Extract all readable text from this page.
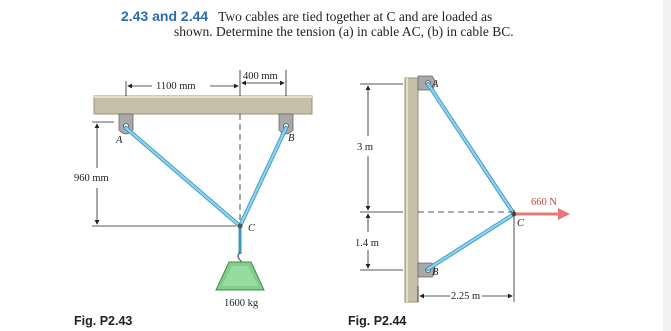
2.43 and 2.44 Two cables are tied together at C and are loaded as
shown. Determine the tension (a) in cable AC, (b) in cable BC.
1100 mm
400 mm
1600 kg
960 mm
A	B
C
660 N
3 m
1.4 m
2.25 m
A
B
C
Fig. P2.43	Fig. P2.44
